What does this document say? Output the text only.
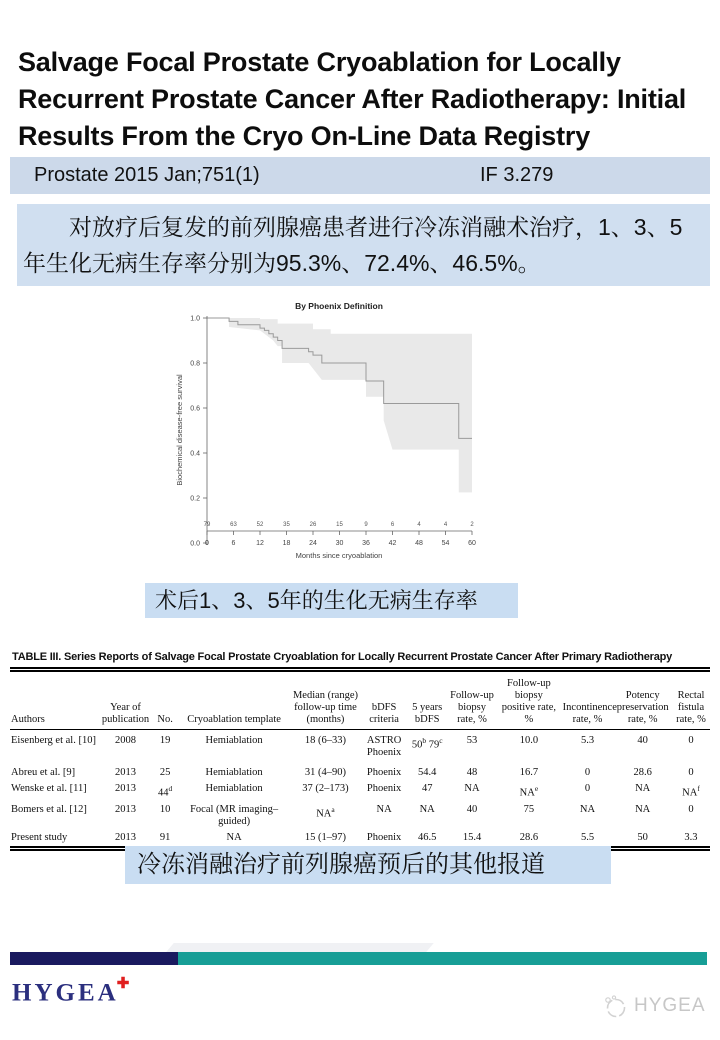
Salvage Focal Prostate Cryoablation for Locally Recurrent Prostate Cancer After Radiotherapy: Initial Results From the Cryo On-Line Data Registry
Prostate 2015 Jan;751(1)	IF 3.279
对放疗后复发的前列腺癌患者进行冷冻消融术治疗，1、3、5年生化无病生存率分别为95.3%、72.4%、46.5%。
0.0
0.2
0.4
0.6
0.8
1.0
0
79
6
63
12
52
18
35
24
26
30
15
36
9
42
6
48
4
54
4
60
2
By Phoenix Definition
Months since cryoablation
Biochemical disease-free survival
术后1、3、5年的生化无病生存率
TABLE III. Series Reports of Salvage Focal Prostate Cryoablation for Locally Recurrent Prostate Cancer After Primary Radiotherapy
Authors	Year of publication	No.	Cryoablation template	Median (range) follow-up time (months)	bDFS criteria	5 years bDFS	Follow-up biopsy rate, %	Follow-up biopsy positive rate, %	Incontinence rate, %	Potency preservation rate, %	Rectal fistula rate, %
Eisenberg et al. [10]	2008	19	Hemiablation	18 (6–33)	ASTRO Phoenix	50$^b$ 79$^c$	53	10.0	5.3	40	0
Abreu et al. [9]	2013	25	Hemiablation	31 (4–90)	Phoenix	54.4	48	16.7	0	28.6	0
Wenske et al. [11]	2013	44$^d$	Hemiablation	37 (2–173)	Phoenix	47	NA	$NA^e$	0	NA	$NA^f$
Bomers et al. [12]	2013	10	Focal (MR imaging–guided)	$NA^a$	NA	NA	40	75	NA	NA	0
Present study	2013	91	NA	15 (1–97)	Phoenix	46.5	15.4	28.6	5.5	50	3.3
冷冻消融治疗前列腺癌预后的其他报道
HYGEA✚
HYGEA
